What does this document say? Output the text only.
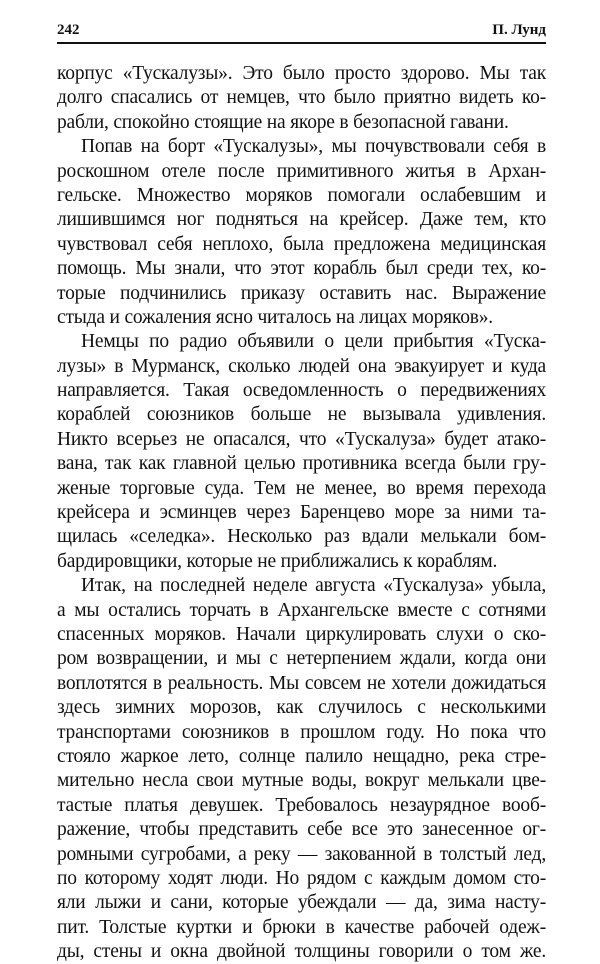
242	П. Лунд
корпус «Тускалузы». Это было просто здорово. Мы так
долго спасались от немцев, что было приятно видеть ко-
рабли, спокойно стоящие на якоре в безопасной гавани.
Попав на борт «Тускалузы», мы почувствовали себя в
роскошном отеле после примитивного житья в Архан-
гельске. Множество моряков помогали ослабевшим и
лишившимся ног подняться на крейсер. Даже тем, кто
чувствовал себя неплохо, была предложена медицинская
помощь. Мы знали, что этот корабль был среди тех, ко-
торые подчинились приказу оставить нас. Выражение
стыда и сожаления ясно читалось на лицах моряков».
Немцы по радио объявили о цели прибытия «Туска-
лузы» в Мурманск, сколько людей она эвакуирует и куда
направляется. Такая осведомленность о передвижениях
кораблей союзников больше не вызывала удивления.
Никто всерьез не опасался, что «Тускалуза» будет атако-
вана, так как главной целью противника всегда были гру-
женые торговые суда. Тем не менее, во время перехода
крейсера и эсминцев через Баренцево море за ними та-
щилась «селедка». Несколько раз вдали мелькали бом-
бардировщики, которые не приближались к кораблям.
Итак, на последней неделе августа «Тускалуза» убыла,
а мы остались торчать в Архангельске вместе с сотнями
спасенных моряков. Начали циркулировать слухи о ско-
ром возвращении, и мы с нетерпением ждали, когда они
воплотятся в реальность. Мы совсем не хотели дожидаться
здесь зимних морозов, как случилось с несколькими
транспортами союзников в прошлом году. Но пока что
стояло жаркое лето, солнце палило нещадно, река стре-
мительно несла свои мутные воды, вокруг мелькали цве-
тастые платья девушек. Требовалось незаурядное вооб-
ражение, чтобы представить себе все это занесенное ог-
ромными сугробами, а реку — закованной в толстый лед,
по которому ходят люди. Но рядом с каждым домом сто-
яли лыжи и сани, которые убеждали — да, зима насту-
пит. Толстые куртки и брюки в качестве рабочей одеж-
ды, стены и окна двойной толщины говорили о том же.
